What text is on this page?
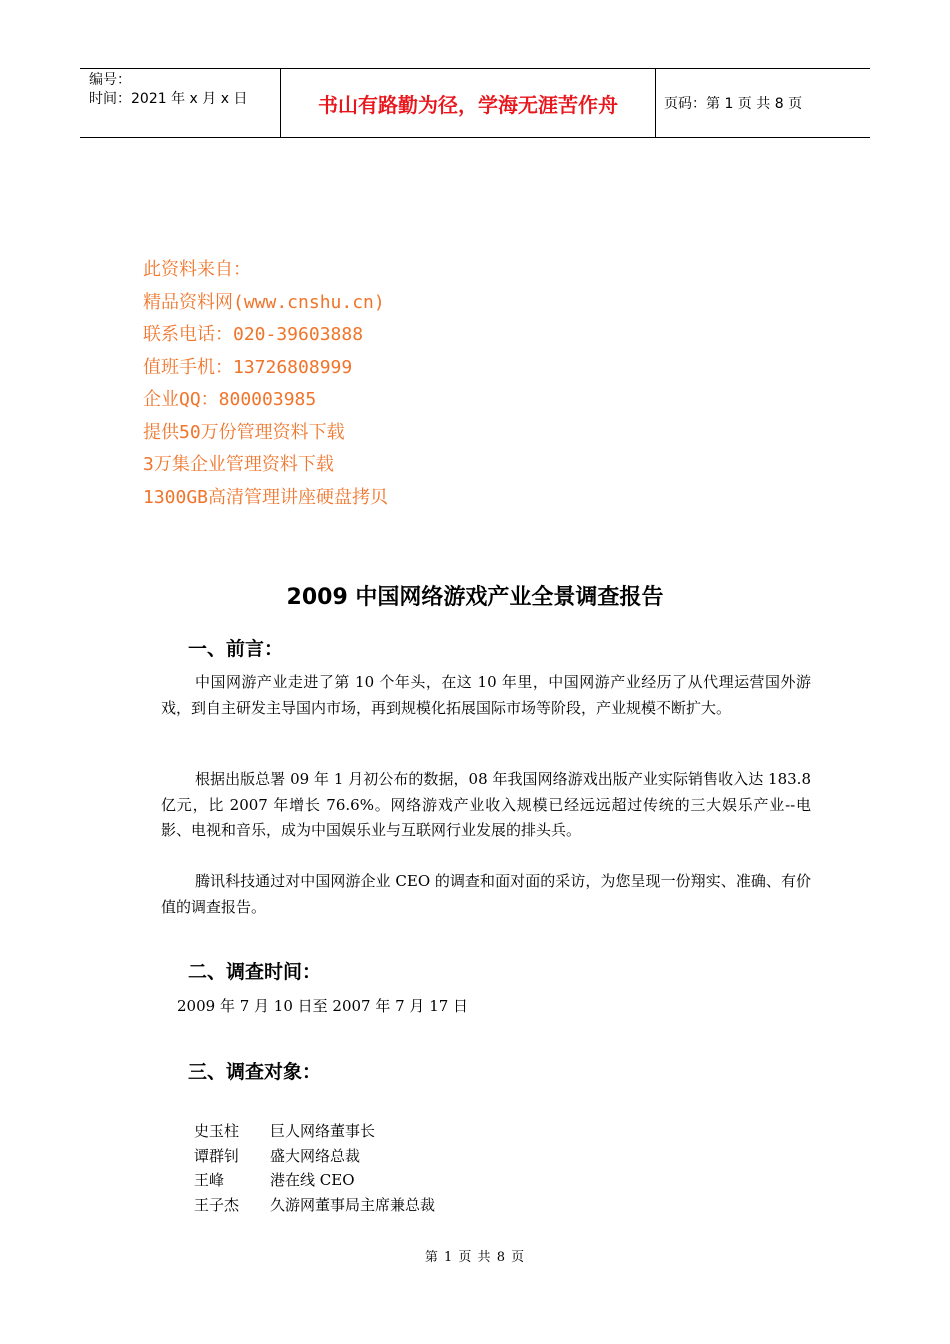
编号：
时间：2021 年 x 月 x 日	书山有路勤为径，学海无涯苦作舟	页码：第 1 页 共 8 页
此资料来自：
精品资料网(www.cnshu.cn)
联系电话：020-39603888
值班手机：13726808999
企业QQ：800003985
提供50万份管理资料下载
3万集企业管理资料下载
1300GB高清管理讲座硬盘拷贝
2009 中国网络游戏产业全景调查报告
一、前言：
中国网游产业走进了第 10 个年头，在这 10 年里，中国网游产业经历了从代理运营国外游戏，到自主研发主导国内市场，再到规模化拓展国际市场等阶段，产业规模不断扩大。
根据出版总署 09 年 1 月初公布的数据，08 年我国网络游戏出版产业实际销售收入达 183.8 亿元，比 2007 年增长 76.6%。网络游戏产业收入规模已经远远超过传统的三大娱乐产业--电影、电视和音乐，成为中国娱乐业与互联网行业发展的排头兵。
腾讯科技通过对中国网游企业 CEO 的调查和面对面的采访，为您呈现一份翔实、准确、有价值的调查报告。
二、调查时间：
2009 年 7 月 10 日至 2007 年 7 月 17 日
三、调查对象：
史玉柱	巨人网络董事长
谭群钊	盛大网络总裁
王峰	港在线 CEO
王子杰	久游网董事局主席兼总裁
第 1 页 共 8 页
